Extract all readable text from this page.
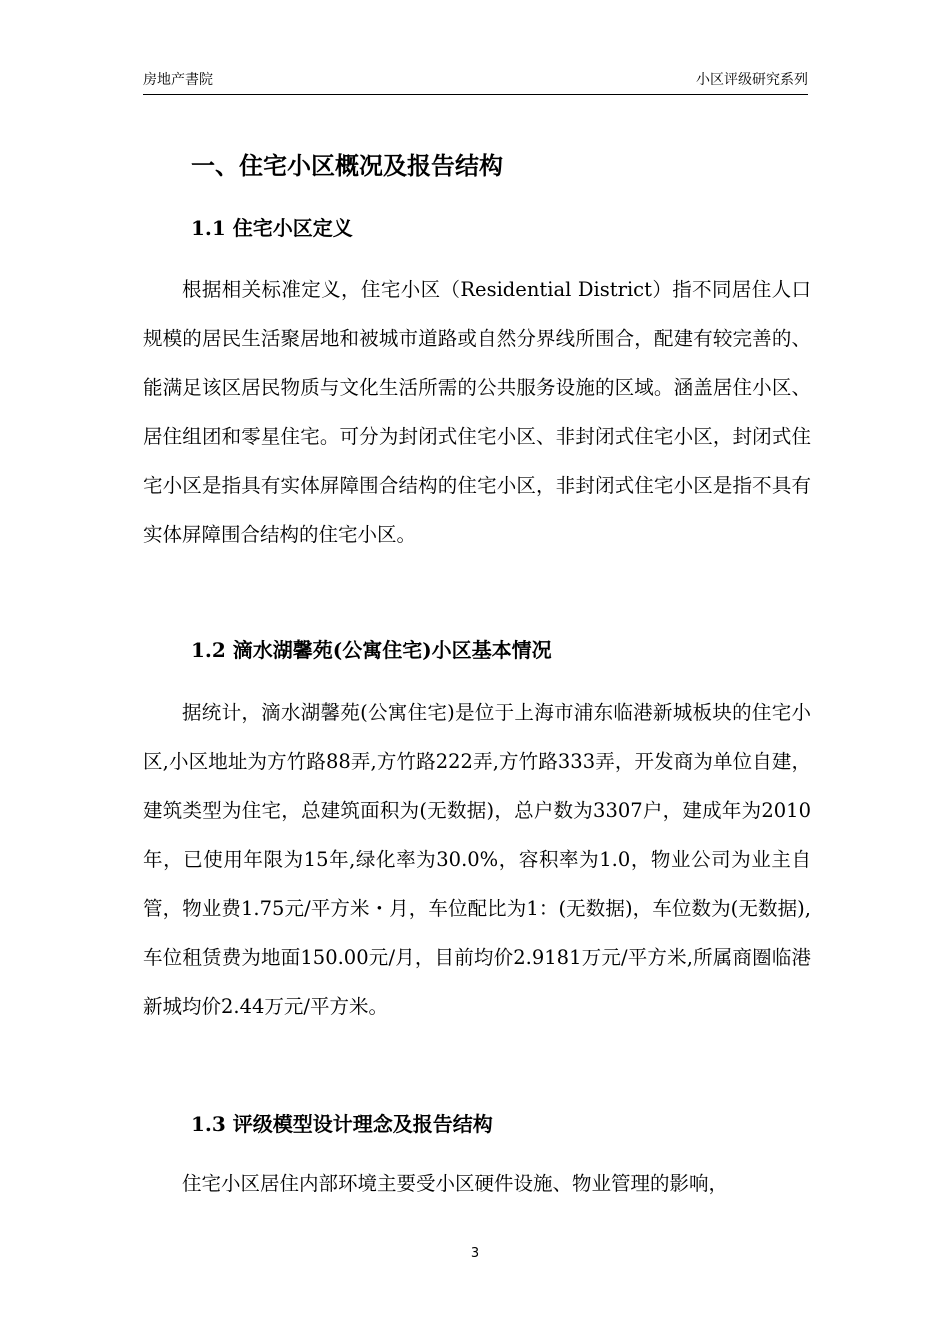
房地产書院	小区评级研究系列
一、住宅小区概况及报告结构
1.1 住宅小区定义

根据相关标准定义，住宅小区（Residential District）指不同居住人口规模的居民生活聚居地和被城市道路或自然分界线所围合，配建有较完善的、能满足该区居民物质与文化生活所需的公共服务设施的区域。涵盖居住小区、居住组团和零星住宅。可分为封闭式住宅小区、非封闭式住宅小区，封闭式住宅小区是指具有实体屏障围合结构的住宅小区，非封闭式住宅小区是指不具有实体屏障围合结构的住宅小区。

1.2 滴水湖馨苑(公寓住宅)小区基本情况

据统计，滴水湖馨苑(公寓住宅)是位于上海市浦东临港新城板块的住宅小区,小区地址为方竹路88弄,方竹路222弄,方竹路333弄，开发商为单位自建，建筑类型为住宅，总建筑面积为(无数据)，总户数为3307户，建成年为2010年，已使用年限为15年,绿化率为30.0%，容积率为1.0，物业公司为业主自管，物业费1.75元/平方米・月，车位配比为1：(无数据)，车位数为(无数据),车位租赁费为地面150.00元/月，目前均价2.9181万元/平方米,所属商圈临港新城均价2.44万元/平方米。

1.3 评级模型设计理念及报告结构

住宅小区居住内部环境主要受小区硬件设施、物业管理的影响，

3
